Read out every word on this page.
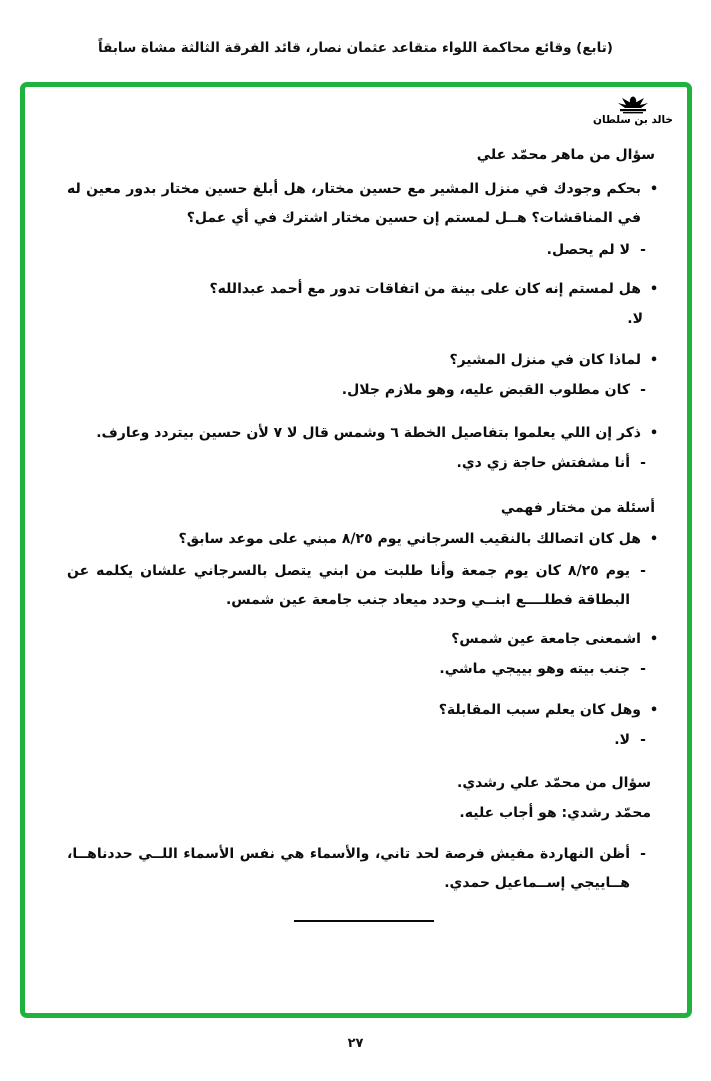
(تابع) وقائع محاكمة اللواء متقاعد عثمان نصار، قائد الفرقة الثالثة مشاة سابقاً
خالد بن سلطان
سؤال من ماهر محمّد علي
•
بحكم وجودك في منزل المشير مع حسين مختار، هل أبلغ حسين مختار بدور معين له في المناقشات؟ هــل لمستم إن حسين مختار اشترك في أي عمل؟
-
لا لم يحصل.
•
هل لمستم إنه كان على بينة من اتفاقات تدور مع أحمد عبدالله؟
لا.
•
لماذا كان في منزل المشير؟
-
كان مطلوب القبض عليه، وهو ملازم جلال.
•
ذكر إن اللي يعلموا بتفاصيل الخطة ٦ وشمس قال لا ٧ لأن حسين بيتردد وعارف.
-
أنا مشفتش حاجة زي دي.
أسئلة من مختار فهمي
•
هل كان اتصالك بالنقيب السرجاني يوم ٨/٢٥ مبني على موعد سابق؟
-
يوم ٨/٢٥ كان يوم جمعة وأنا طلبت من ابني يتصل بالسرجاني علشان يكلمه عن البطاقة فطلــــع ابنــي وحدد ميعاد جنب جامعة عين شمس.
•
اشمعنى جامعة عين شمس؟
-
جنب بيته وهو بييجي ماشي.
•
وهل كان يعلم سبب المقابلة؟
-
لا.
سؤال من محمّد علي رشدي.
محمّد رشدي: هو أجاب عليه.
-
أظن النهاردة مفيش فرصة لحد تاني، والأسماء هي نفس الأسماء اللــي حددناهــا، هــاييجي إســماعيل حمدي.
٢٧
